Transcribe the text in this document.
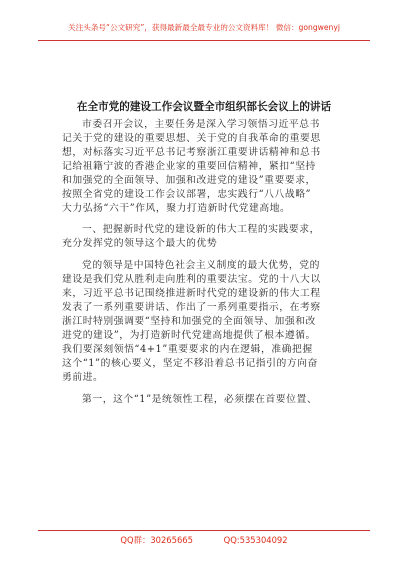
关注头条号“公文研究”，获得最新最全最专业的公文资料库！ 微信：gongwenyj
在全市党的建设工作会议暨全市组织部长会议上的讲话
市委召开会议，主要任务是深入学习领悟习近平总书
记关于党的建设的重要思想、关于党的自我革命的重要思
想，对标落实习近平总书记考察浙江重要讲话精神和总书
记给祖籍宁波的香港企业家的重要回信精神，紧扣“坚持
和加强党的全面领导、加强和改进党的建设”重要要求，
按照全省党的建设工作会议部署，忠实践行“八八战略”
大力弘扬“六干”作风，聚力打造新时代党建高地。
一、把握新时代党的建设新的伟大工程的实践要求，
充分发挥党的领导这个最大的优势
党的领导是中国特色社会主义制度的最大优势，党的
建设是我们党从胜利走向胜利的重要法宝。党的十八大以
来，习近平总书记围绕推进新时代党的建设新的伟大工程
发表了一系列重要讲话、作出了一系列重要指示，在考察
浙江时特别强调要“坚持和加强党的全面领导、加强和改
进党的建设”，为打造新时代党建高地提供了根本遵循。
我们要深刻领悟“4+1”重要要求的内在逻辑，准确把握
这个“1”的核心要义，坚定不移沿着总书记指引的方向奋
勇前进。
第一，这个“1”是统领性工程，必须摆在首要位置、
QQ群：30265665	QQ:535304092
